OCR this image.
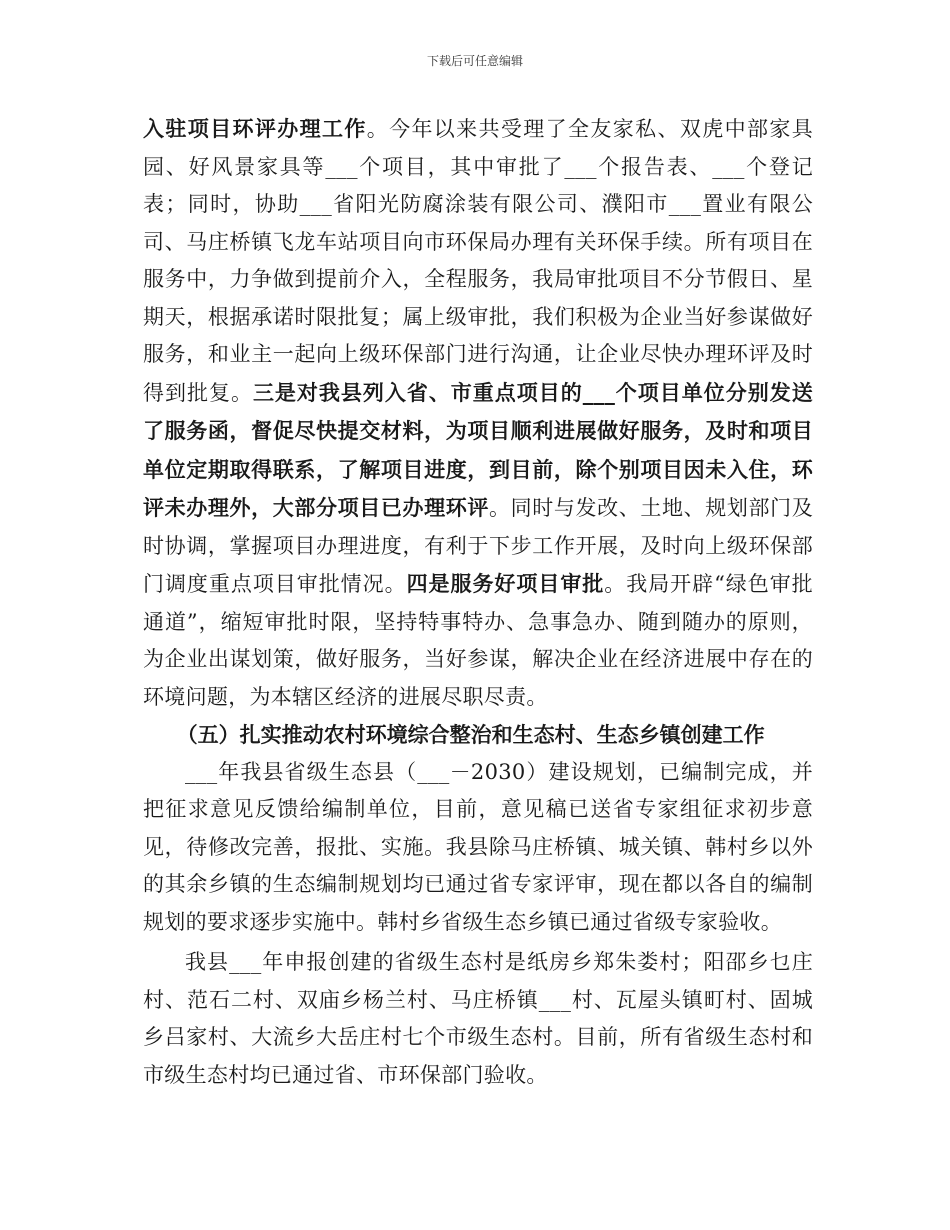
下载后可任意编辑

入驻项目环评办理工作。今年以来共受理了全友家私、双虎中部家具园、好风景家具等___个项目，其中审批了___个报告表、___个登记表；同时，协助___省阳光防腐涂装有限公司、濮阳市___置业有限公司、马庄桥镇飞龙车站项目向市环保局办理有关环保手续。所有项目在服务中，力争做到提前介入，全程服务，我局审批项目不分节假日、星期天，根据承诺时限批复；属上级审批，我们积极为企业当好参谋做好服务，和业主一起向上级环保部门进行沟通，让企业尽快办理环评及时得到批复。三是对我县列入省、市重点项目的___个项目单位分别发送了服务函，督促尽快提交材料，为项目顺利进展做好服务，及时和项目单位定期取得联系，了解项目进度，到目前，除个别项目因未入住，环评未办理外，大部分项目已办理环评。同时与发改、土地、规划部门及时协调，掌握项目办理进度，有利于下步工作开展，及时向上级环保部门调度重点项目审批情况。四是服务好项目审批。我局开辟“绿色审批通道”，缩短审批时限，坚持特事特办、急事急办、随到随办的原则，为企业出谋划策，做好服务，当好参谋，解决企业在经济进展中存在的环境问题，为本辖区经济的进展尽职尽责。

（五）扎实推动农村环境综合整治和生态村、生态乡镇创建工作

___年我县省级生态县（___－2030）建设规划，已编制完成，并把征求意见反馈给编制单位，目前，意见稿已送省专家组征求初步意见，待修改完善，报批、实施。我县除马庄桥镇、城关镇、韩村乡以外的其余乡镇的生态编制规划均已通过省专家评审，现在都以各自的编制规划的要求逐步实施中。韩村乡省级生态乡镇已通过省级专家验收。

我县___年申报创建的省级生态村是纸房乡郑朱娄村；阳邵乡乜庄村、范石二村、双庙乡杨兰村、马庄桥镇___村、瓦屋头镇町村、固城乡吕家村、大流乡大岳庄村七个市级生态村。目前，所有省级生态村和市级生态村均已通过省、市环保部门验收。
